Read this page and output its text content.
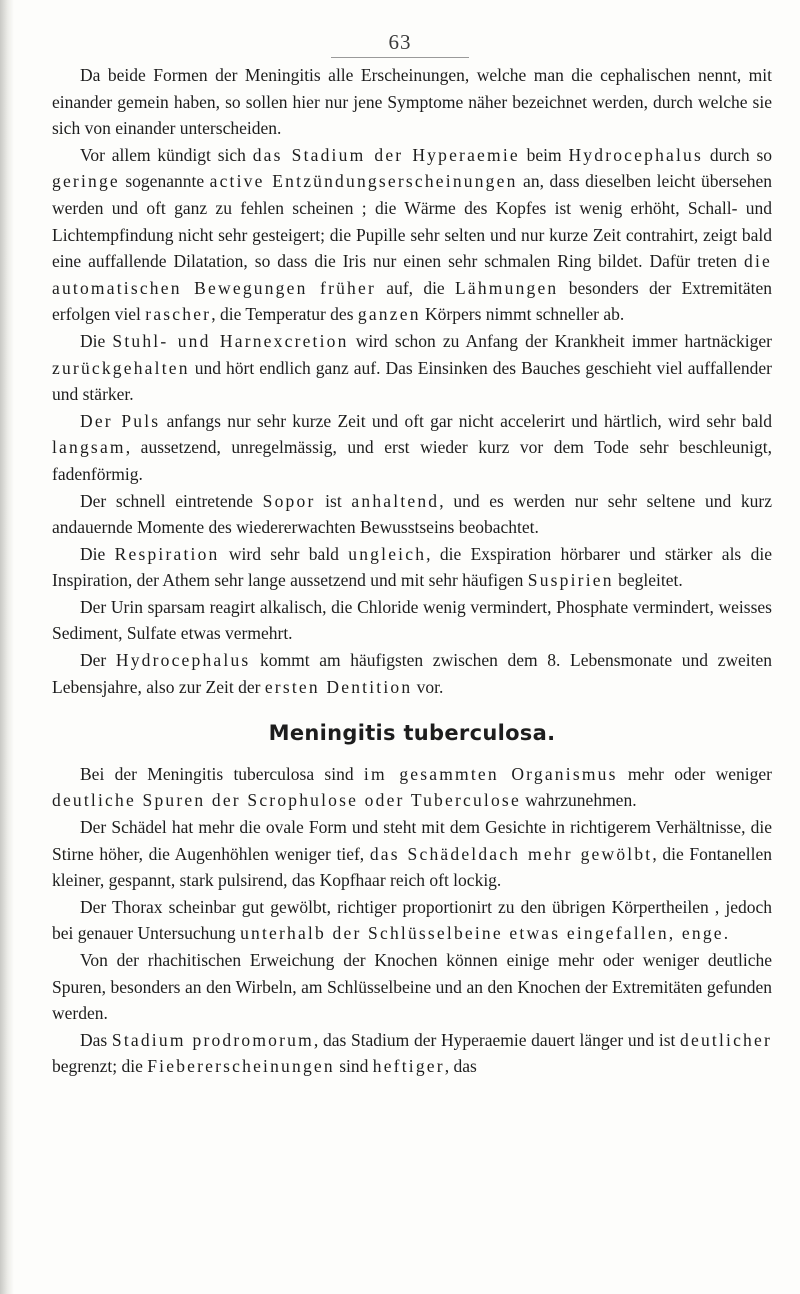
63

Da beide Formen der Meningitis alle Erscheinungen, welche man die cephalischen nennt, mit einander gemein haben, so sollen hier nur jene Symptome näher bezeichnet werden, durch welche sie sich von einander unterscheiden.

Vor allem kündigt sich das Stadium der Hyperaemie beim Hydrocephalus durch so geringe sogenannte active Entzündungserscheinungen an, dass dieselben leicht übersehen werden und oft ganz zu fehlen scheinen ; die Wärme des Kopfes ist wenig erhöht, Schall- und Lichtempfindung nicht sehr gesteigert; die Pupille sehr selten und nur kurze Zeit contrahirt, zeigt bald eine auffallende Dilatation, so dass die Iris nur einen sehr schmalen Ring bildet. Dafür treten die automatischen Bewegungen früher auf, die Lähmungen besonders der Extremitäten erfolgen viel rascher, die Temperatur des ganzen Körpers nimmt schneller ab.

Die Stuhl- und Harnexcretion wird schon zu Anfang der Krankheit immer hartnäckiger zurückgehalten und hört endlich ganz auf. Das Einsinken des Bauches geschieht viel auffallender und stärker.

Der Puls anfangs nur sehr kurze Zeit und oft gar nicht accelerirt und härtlich, wird sehr bald langsam, aussetzend, unregelmässig, und erst wieder kurz vor dem Tode sehr beschleunigt, fadenförmig.

Der schnell eintretende Sopor ist anhaltend, und es werden nur sehr seltene und kurz andauernde Momente des wiedererwachten Bewusstseins beobachtet.

Die Respiration wird sehr bald ungleich, die Exspiration hörbarer und stärker als die Inspiration, der Athem sehr lange aussetzend und mit sehr häufigen Suspirien begleitet.

Der Urin sparsam reagirt alkalisch, die Chloride wenig vermindert, Phosphate vermindert, weisses Sediment, Sulfate etwas vermehrt.

Der Hydrocephalus kommt am häufigsten zwischen dem 8. Lebensmonate und zweiten Lebensjahre, also zur Zeit der ersten Dentition vor.

Meningitis tuberculosa.

Bei der Meningitis tuberculosa sind im gesammten Organismus mehr oder weniger deutliche Spuren der Scrophulose oder Tuberculose wahrzunehmen.

Der Schädel hat mehr die ovale Form und steht mit dem Gesichte in richtigerem Verhältnisse, die Stirne höher, die Augenhöhlen weniger tief, das Schädeldach mehr gewölbt, die Fontanellen kleiner, gespannt, stark pulsirend, das Kopfhaar reich oft lockig.

Der Thorax scheinbar gut gewölbt, richtiger proportionirt zu den übrigen Körpertheilen , jedoch bei genauer Untersuchung unterhalb der Schlüsselbeine etwas eingefallen, enge.

Von der rhachitischen Erweichung der Knochen können einige mehr oder weniger deutliche Spuren, besonders an den Wirbeln, am Schlüsselbeine und an den Knochen der Extremitäten gefunden werden.

Das Stadium prodromorum, das Stadium der Hyperaemie dauert länger und ist deutlicher begrenzt; die Fiebererscheinungen sind heftiger, das
